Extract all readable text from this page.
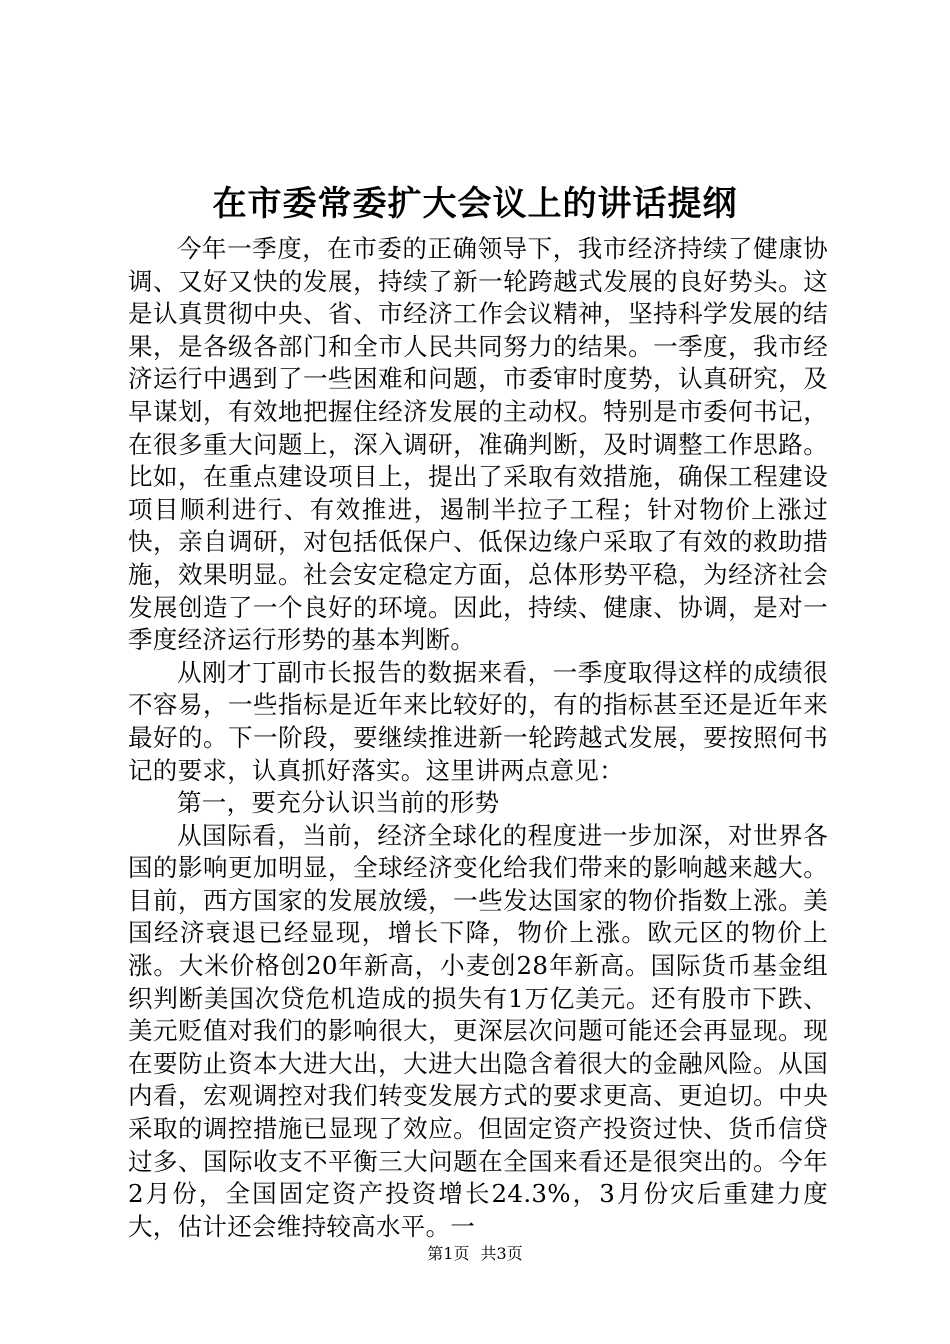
在市委常委扩大会议上的讲话提纲

今年一季度，在市委的正确领导下，我市经济持续了健康协调、又好又快的发展，持续了新一轮跨越式发展的良好势头。这是认真贯彻中央、省、市经济工作会议精神，坚持科学发展的结果，是各级各部门和全市人民共同努力的结果。一季度，我市经济运行中遇到了一些困难和问题，市委审时度势，认真研究，及早谋划，有效地把握住经济发展的主动权。特别是市委何书记，在很多重大问题上，深入调研，准确判断，及时调整工作思路。比如，在重点建设项目上，提出了采取有效措施，确保工程建设项目顺利进行、有效推进，遏制半拉子工程；针对物价上涨过快，亲自调研，对包括低保户、低保边缘户采取了有效的救助措施，效果明显。社会安定稳定方面，总体形势平稳，为经济社会发展创造了一个良好的环境。因此，持续、健康、协调，是对一季度经济运行形势的基本判断。

从刚才丁副市长报告的数据来看，一季度取得这样的成绩很不容易，一些指标是近年来比较好的，有的指标甚至还是近年来最好的。下一阶段，要继续推进新一轮跨越式发展，要按照何书记的要求，认真抓好落实。这里讲两点意见：

第一，要充分认识当前的形势

从国际看，当前，经济全球化的程度进一步加深，对世界各国的影响更加明显，全球经济变化给我们带来的影响越来越大。目前，西方国家的发展放缓，一些发达国家的物价指数上涨。美国经济衰退已经显现，增长下降，物价上涨。欧元区的物价上涨。大米价格创20年新高，小麦创28年新高。国际货币基金组织判断美国次贷危机造成的损失有1万亿美元。还有股市下跌、美元贬值对我们的影响很大，更深层次问题可能还会再显现。现在要防止资本大进大出，大进大出隐含着很大的金融风险。从国内看，宏观调控对我们转变发展方式的要求更高、更迫切。中央采取的调控措施已显现了效应。但固定资产投资过快、货币信贷过多、国际收支不平衡三大问题在全国来看还是很突出的。今年2月份，全国固定资产投资增长24.3%，3月份灾后重建力度大，估计还会维持较高水平。一

第1页 共3页
